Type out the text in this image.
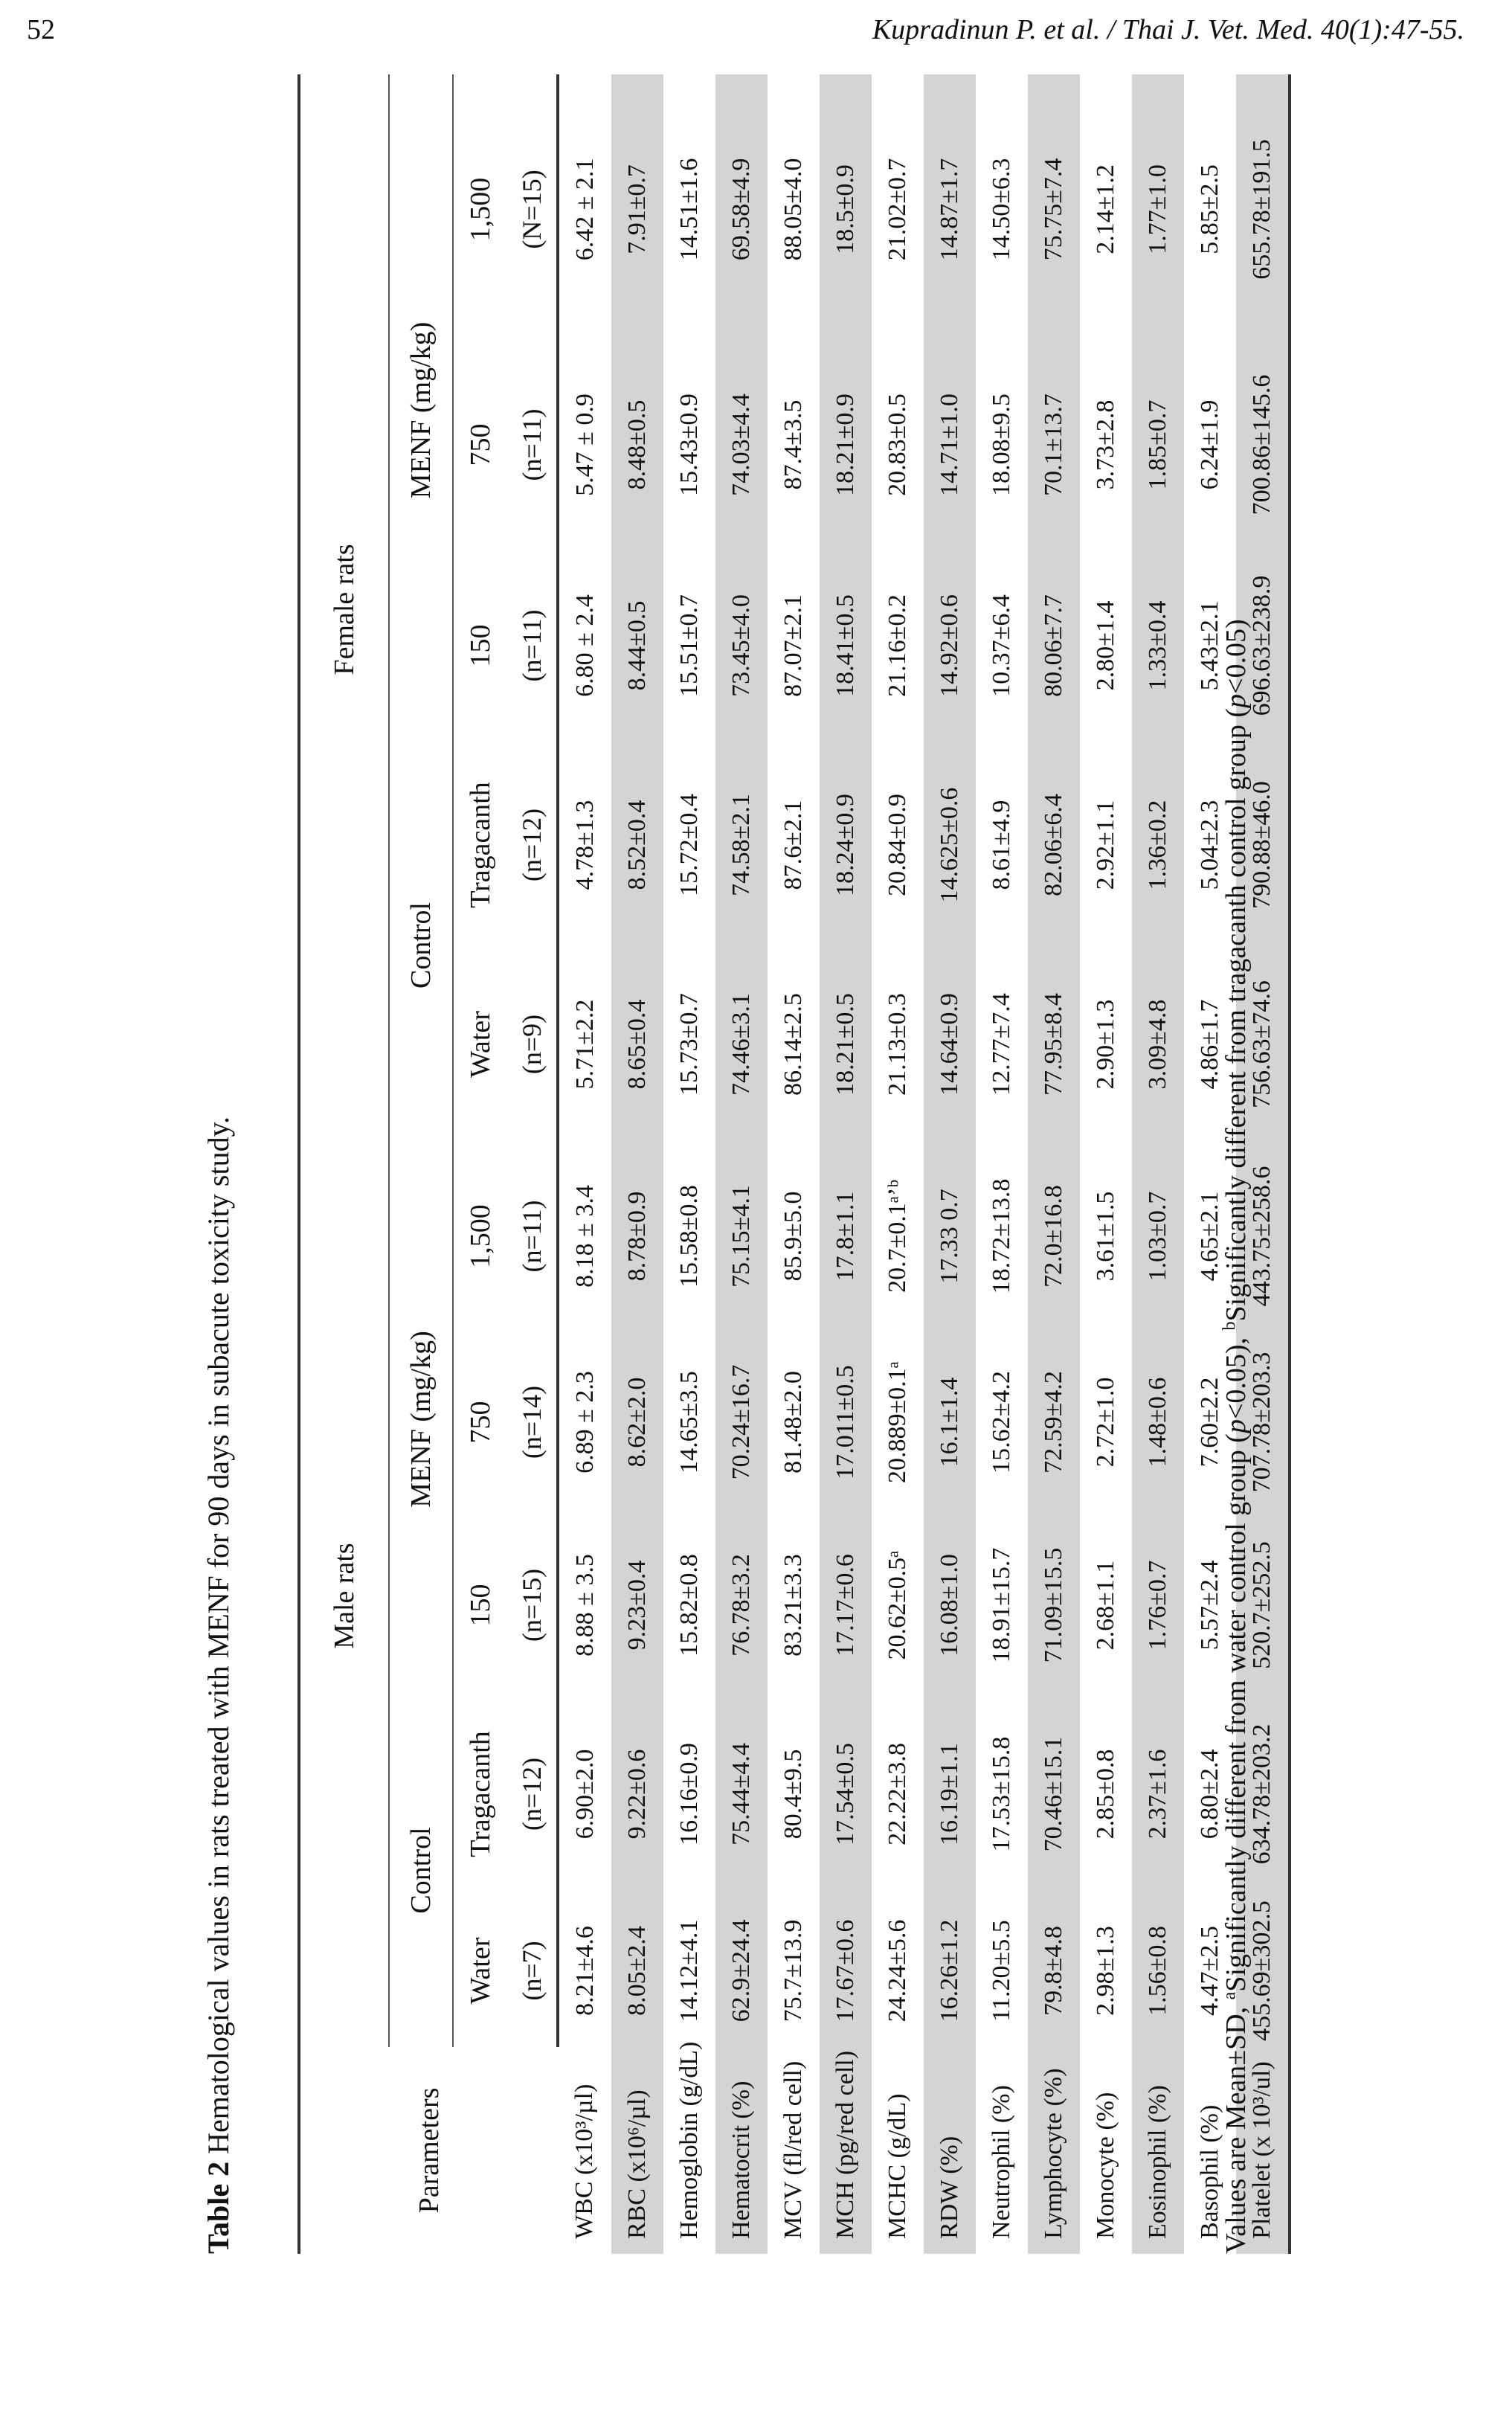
52	Kupradinun P. et al. / Thai J. Vet. Med. 40(1):47-55.
Table 2 Hematological values in rats treated with MENF for 90 days in subacute toxicity study.	Parameters	Male rats					Female rats				
	Control		MENF (mg/kg)			Control		MENF (mg/kg)		
	Water	Tragacanth	150	750	1,500	Water	Tragacanth	150	750	1,500
	(n=7)	(n=12)	(n=15)	(n=14)	(n=11)	(n=9)	(n=12)	(n=11)	(n=11)	(N=15)
WBC (x10³/µl)	8.21±4.6	6.90±2.0	8.88 ± 3.5	6.89 ± 2.3	8.18 ± 3.4	5.71±2.2	4.78±1.3	6.80 ± 2.4	5.47 ± 0.9	6.42 ± 2.1
RBC (x10⁶/µl)	8.05±2.4	9.22±0.6	9.23±0.4	8.62±2.0	8.78±0.9	8.65±0.4	8.52±0.4	8.44±0.5	8.48±0.5	7.91±0.7
Hemoglobin (g/dL)	14.12±4.1	16.16±0.9	15.82±0.8	14.65±3.5	15.58±0.8	15.73±0.7	15.72±0.4	15.51±0.7	15.43±0.9	14.51±1.6
Hematocrit (%)	62.9±24.4	75.44±4.4	76.78±3.2	70.24±16.7	75.15±4.1	74.46±3.1	74.58±2.1	73.45±4.0	74.03±4.4	69.58±4.9
MCV (fl/red cell)	75.7±13.9	80.4±9.5	83.21±3.3	81.48±2.0	85.9±5.0	86.14±2.5	87.6±2.1	87.07±2.1	87.4±3.5	88.05±4.0
MCH (pg/red cell)	17.67±0.6	17.54±0.5	17.17±0.6	17.011±0.5	17.8±1.1	18.21±0.5	18.24±0.9	18.41±0.5	18.21±0.9	18.5±0.9
MCHC (g/dL)	24.24±5.6	22.22±3.8	20.62±0.5ᵃ	20.889±0.1ᵃ	20.7±0.1ᵃʼᵇ	21.13±0.3	20.84±0.9	21.16±0.2	20.83±0.5	21.02±0.7
RDW (%)	16.26±1.2	16.19±1.1	16.08±1.0	16.1±1.4	17.33 0.7	14.64±0.9	14.625±0.6	14.92±0.6	14.71±1.0	14.87±1.7
Neutrophil (%)	11.20±5.5	17.53±15.8	18.91±15.7	15.62±4.2	18.72±13.8	12.77±7.4	8.61±4.9	10.37±6.4	18.08±9.5	14.50±6.3
Lymphocyte (%)	79.8±4.8	70.46±15.1	71.09±15.5	72.59±4.2	72.0±16.8	77.95±8.4	82.06±6.4	80.06±7.7	70.1±13.7	75.75±7.4
Monocyte (%)	2.98±1.3	2.85±0.8	2.68±1.1	2.72±1.0	3.61±1.5	2.90±1.3	2.92±1.1	2.80±1.4	3.73±2.8	2.14±1.2
Eosinophil (%)	1.56±0.8	2.37±1.6	1.76±0.7	1.48±0.6	1.03±0.7	3.09±4.8	1.36±0.2	1.33±0.4	1.85±0.7	1.77±1.0
Basophil (%)	4.47±2.5	6.80±2.4	5.57±2.4	7.60±2.2	4.65±2.1	4.86±1.7	5.04±2.3	5.43±2.1	6.24±1.9	5.85±2.5
Platelet (x 10³/ul)	455.69±302.5	634.78±203.2	520.7±252.5	707.78±203.3	443.75±258.6	756.63±74.6	790.88±46.0	696.63±238.9	700.86±145.6	655.78±191.5
Values are Mean±SD, $^a$Significantly different from water control group (p<0.05), $^b$Significantly different from tragacanth control group (p<0.05)
